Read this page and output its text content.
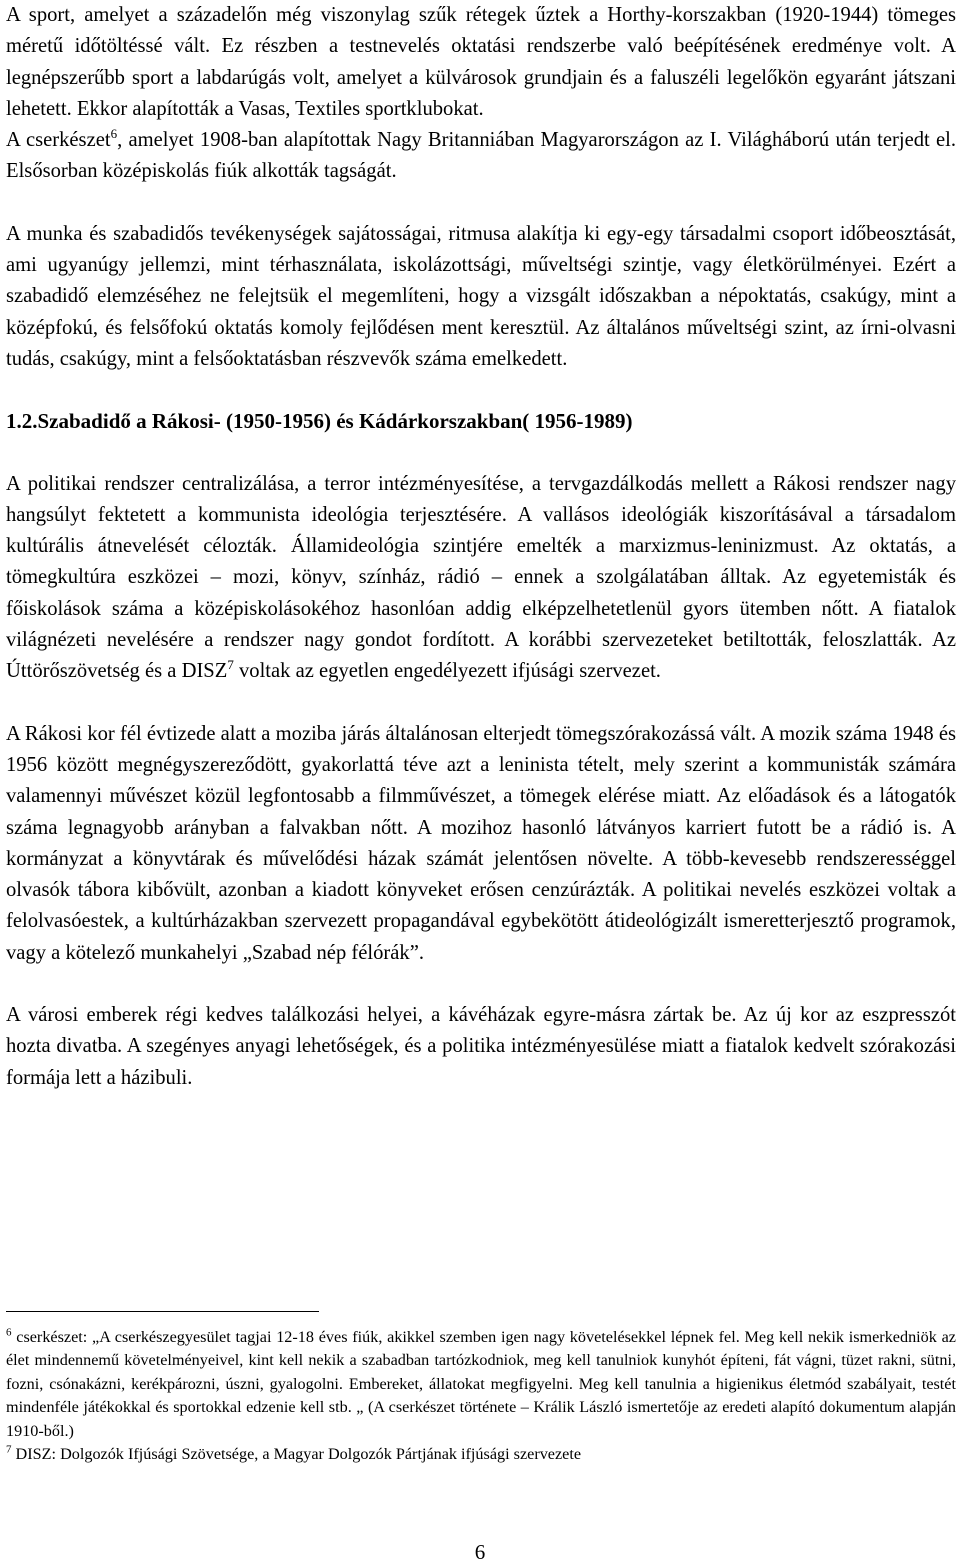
A sport, amelyet a századelőn még viszonylag szűk rétegek űztek a Horthy-korszakban (1920-1944) tömeges méretű időtöltéssé vált. Ez részben a testnevelés oktatási rendszerbe való beépítésének eredménye volt. A legnépszerűbb sport a labdarúgás volt, amelyet a külvárosok grundjain és a faluszéli legelőkön egyaránt játszani lehetett. Ekkor alapították a Vasas, Textiles sportklubokat.
A cserkészet$^6$, amelyet 1908-ban alapítottak Nagy Britanniában Magyarországon az I. Világháború után terjedt el. Elsősorban középiskolás fiúk alkották tagságát.

A munka és szabadidős tevékenységek sajátosságai, ritmusa alakítja ki egy-egy társadalmi csoport időbeosztását, ami ugyanúgy jellemzi, mint térhasználata, iskolázottsági, műveltségi szintje, vagy életkörülményei. Ezért a szabadidő elemzéséhez ne felejtsük el megemlíteni, hogy a vizsgált időszakban a népoktatás, csakúgy, mint a középfokú, és felsőfokú oktatás komoly fejlődésen ment keresztül. Az általános műveltségi szint, az írni-olvasni tudás, csakúgy, mint a felsőoktatásban részvevők száma emelkedett.

1.2.Szabadidő a Rákosi- (1950-1956) és Kádárkorszakban( 1956-1989)

A politikai rendszer centralizálása, a terror intézményesítése, a tervgazdálkodás mellett a Rákosi rendszer nagy hangsúlyt fektetett a kommunista ideológia terjesztésére. A vallásos ideológiák kiszorításával a társadalom kultúrális átnevelését célozták. Államideológia szintjére emelték a marxizmus-leninizmust. Az oktatás, a tömegkultúra eszközei – mozi, könyv, színház, rádió – ennek a szolgálatában álltak. Az egyetemisták és főiskolások száma a középiskolásokéhoz hasonlóan addig elképzelhetetlenül gyors ütemben nőtt. A fiatalok világnézeti nevelésére a rendszer nagy gondot fordított. A korábbi szervezeteket betiltották, feloszlatták. Az Úttörőszövetség és a DISZ$^7$ voltak az egyetlen engedélyezett ifjúsági szervezet.

A Rákosi kor fél évtizede alatt a moziba járás általánosan elterjedt tömegszórakozássá vált. A mozik száma 1948 és 1956 között megnégyszereződött, gyakorlattá téve azt a leninista tételt, mely szerint a kommunisták számára valamennyi művészet közül legfontosabb a filmművészet, a tömegek elérése miatt. Az előadások és a látogatók száma legnagyobb arányban a falvakban nőtt. A mozihoz hasonló látványos karriert futott be a rádió is. A kormányzat a könyvtárak és művelődési házak számát jelentősen növelte. A több-kevesebb rendszerességgel olvasók tábora kibővült, azonban a kiadott könyveket erősen cenzúrázták. A politikai nevelés eszközei voltak a felolvasóestek, a kultúrházakban szervezett propagandával egybekötött átideológizált ismeretterjesztő programok, vagy a kötelező munkahelyi „Szabad nép félórák”.

A városi emberek régi kedves találkozási helyei, a kávéházak egyre-másra zártak be. Az új kor az eszpresszót hozta divatba. A szegényes anyagi lehetőségek, és a politika intézményesülése miatt a fiatalok kedvelt szórakozási formája lett a házibuli.

$^6$ cserkészet: „A cserkészegyesület tagjai 12-18 éves fiúk, akikkel szemben igen nagy követelésekkel lépnek fel. Meg kell nekik ismerkedniök az élet mindennemű követelményeivel, kint kell nekik a szabadban tartózkodniok, meg kell tanulniok kunyhót építeni, fát vágni, tüzet rakni, sütni, fozni, csónakázni, kerékpározni, úszni, gyalogolni. Embereket, állatokat megfigyelni. Meg kell tanulnia a higienikus életmód szabályait, testét mindenféle játékokkal és sportokkal edzenie kell stb. „ (A cserkészet története – Králik László ismertetője az eredeti alapító dokumentum alapján 1910-ből.)

$^7$ DISZ: Dolgozók Ifjúsági Szövetsége, a Magyar Dolgozók Pártjának ifjúsági szervezete

6
